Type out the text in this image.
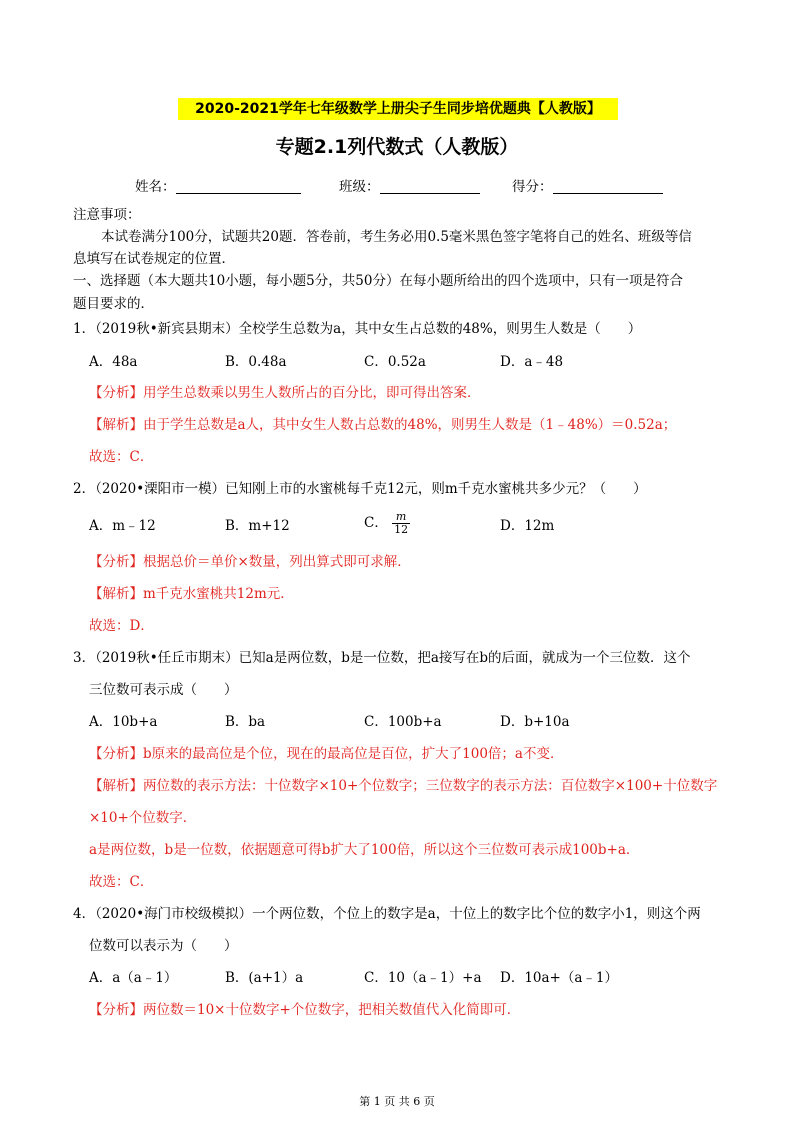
2020-2021学年七年级数学上册尖子生同步培优题典【人教版】
专题2.1列代数式（人教版）
姓名：	班级：	得分：
注意事项：
本试卷满分100分，试题共20题．答卷前，考生务必用0.5毫米黑色签字笔将自己的姓名、班级等信
息填写在试卷规定的位置．
一、选择题（本大题共10小题，每小题5分，共50分）在每小题所给出的四个选项中，只有一项是符合
题目要求的．
1．（2019秋•新宾县期末）全校学生总数为a，其中女生占总数的48%，则男生人数是（　　）
A．48a	B．0.48a	C．0.52a	D．a﹣48
【分析】用学生总数乘以男生人数所占的百分比，即可得出答案．
【解析】由于学生总数是a人，其中女生人数占总数的48%，则男生人数是（1﹣48%）＝0.52a；
故选：C．
2．（2020•溧阳市一模）已知刚上市的水蜜桃每千克12元，则m千克水蜜桃共多少元？（　　）
A．m﹣12	B．m+12	C． $\frac{m}{12}$	D．12m
【分析】根据总价＝单价×数量，列出算式即可求解．
【解析】m千克水蜜桃共12m元．
故选：D．
3．（2019秋•任丘市期末）已知a是两位数，b是一位数，把a接写在b的后面，就成为一个三位数．这个
三位数可表示成（　　）
A．10b+a	B．ba	C．100b+a	D．b+10a
【分析】b原来的最高位是个位，现在的最高位是百位，扩大了100倍；a不变．
【解析】两位数的表示方法：十位数字×10+个位数字；三位数字的表示方法：百位数字×100+十位数字
×10+个位数字．
a是两位数，b是一位数，依据题意可得b扩大了100倍，所以这个三位数可表示成100b+a．
故选：C．
4．（2020•海门市校级模拟）一个两位数，个位上的数字是a，十位上的数字比个位的数字小1，则这个两
位数可以表示为（　　）
A．a（a﹣1）	B．(a+1）a	C．10（a﹣1）+a D．10a+（a﹣1）
【分析】两位数＝10×十位数字+个位数字，把相关数值代入化简即可．
第 1 页 共 6 页
